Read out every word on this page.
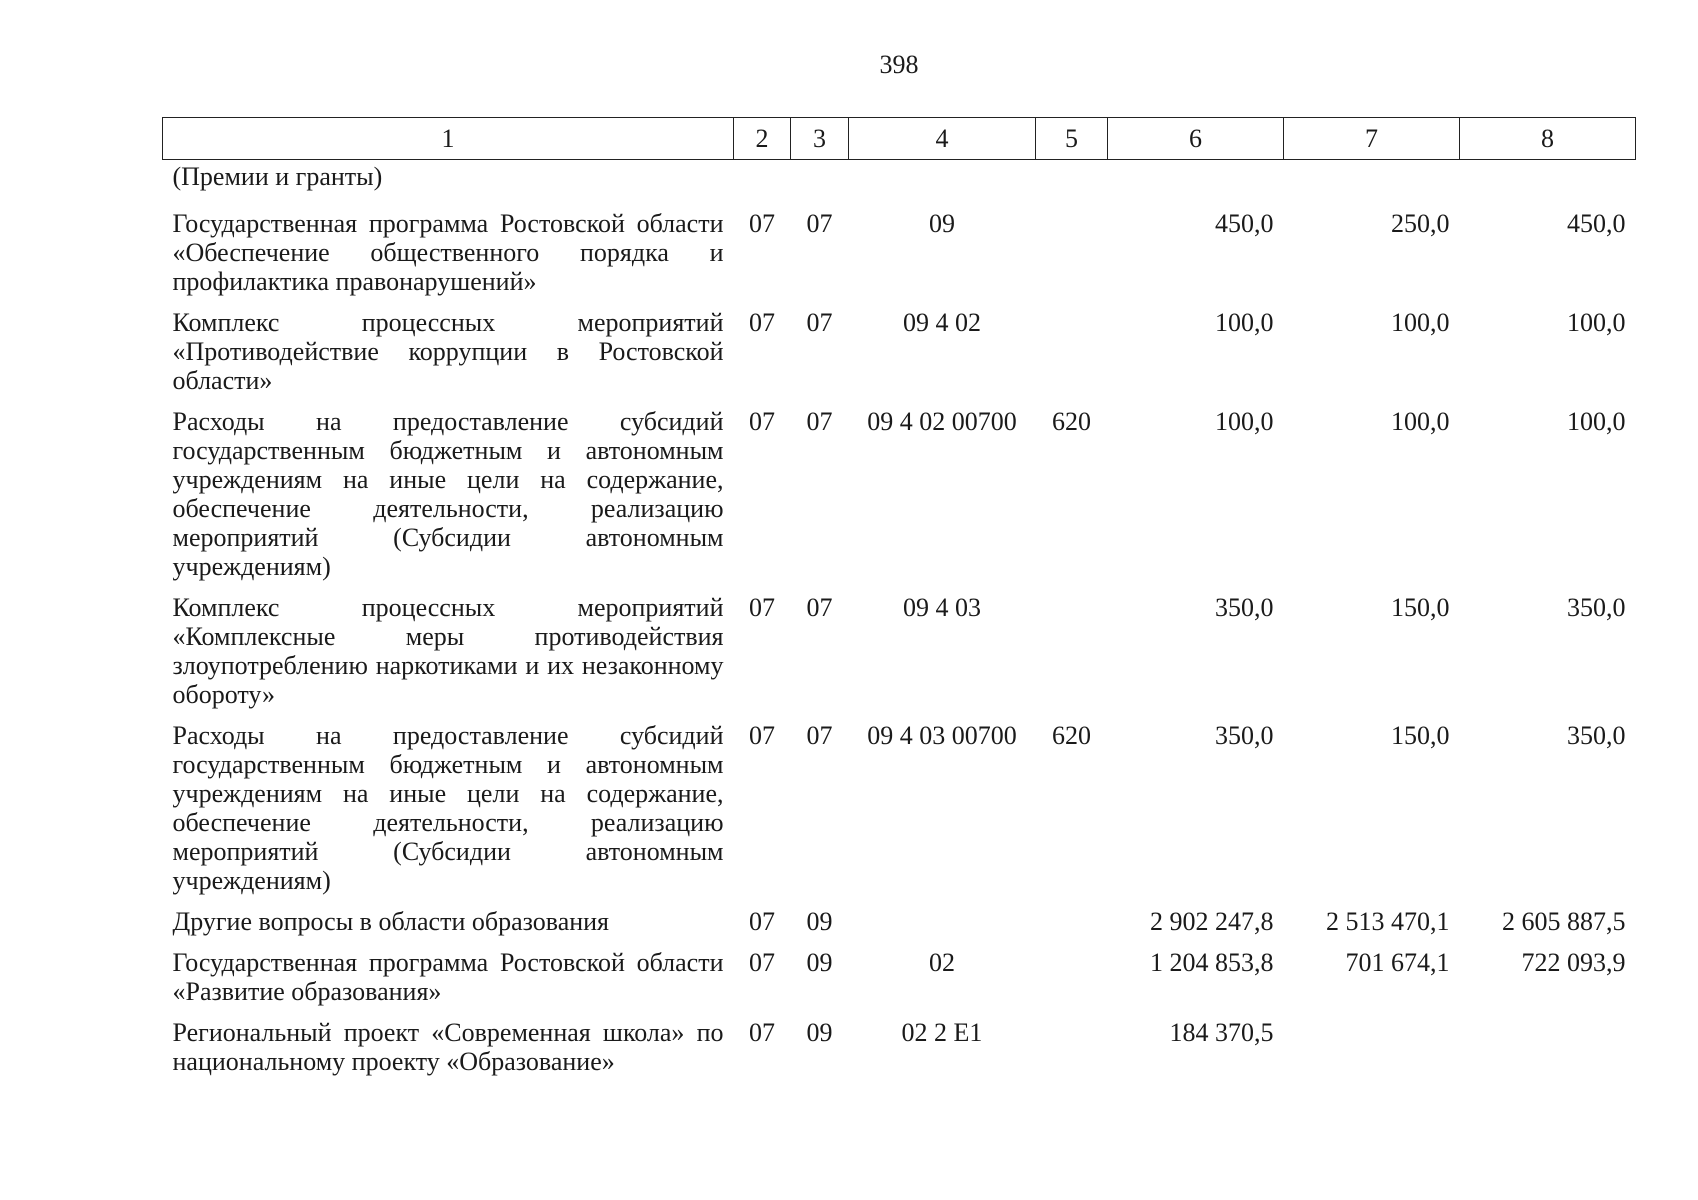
398
1	2	3	4	5	6	7	8
(Премии и гранты)							
Государственная программа Ростовской области «Обеспечение общественного порядка и профилактика правонарушений»	07	07	09		450,0	250,0	450,0
Комплекс процессных мероприятий «Противодействие коррупции в Ростовской области»	07	07	09 4 02		100,0	100,0	100,0
Расходы на предоставление субсидий государственным бюджетным и автономным учреждениям на иные цели на содержание, обеспечение деятельности, реализацию мероприятий (Субсидии автономным учреждениям)	07	07	09 4 02 00700	620	100,0	100,0	100,0
Комплекс процессных мероприятий «Комплексные меры противодействия злоупотреблению наркотиками и их незаконному обороту»	07	07	09 4 03		350,0	150,0	350,0
Расходы на предоставление субсидий государственным бюджетным и автономным учреждениям на иные цели на содержание, обеспечение деятельности, реализацию мероприятий (Субсидии автономным учреждениям)	07	07	09 4 03 00700	620	350,0	150,0	350,0
Другие вопросы в области образования	07	09			2 902 247,8	2 513 470,1	2 605 887,5
Государственная программа Ростовской области «Развитие образования»	07	09	02		1 204 853,8	701 674,1	722 093,9
Региональный проект «Современная школа» по национальному проекту «Образование»	07	09	02 2 Е1		184 370,5		
